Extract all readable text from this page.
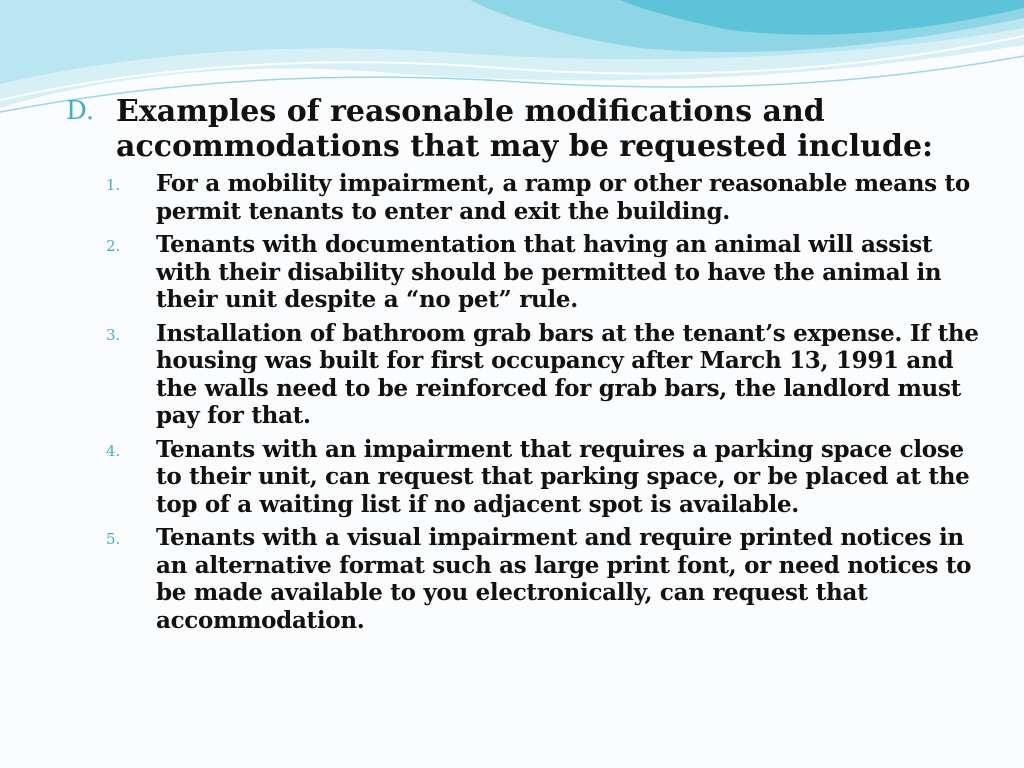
D. Examples of reasonable modifications and accommodations that may be requested include:
1.	For a mobility impairment, a ramp or other reasonable means to permit tenants to enter and exit the building.
2.	Tenants with documentation that having an animal will assist with their disability should be permitted to have the animal in their unit despite a “no pet” rule.
3.	Installation of bathroom grab bars at the tenant’s expense. If the housing was built for first occupancy after March 13, 1991 and the walls need to be reinforced for grab bars, the landlord must pay for that.
4.	Tenants with an impairment that requires a parking space close to their unit, can request that parking space, or be placed at the top of a waiting list if no adjacent spot is available.
5.	Tenants with a visual impairment and require printed notices in an alternative format such as large print font, or need notices to be made available to you electronically, can request that accommodation.
